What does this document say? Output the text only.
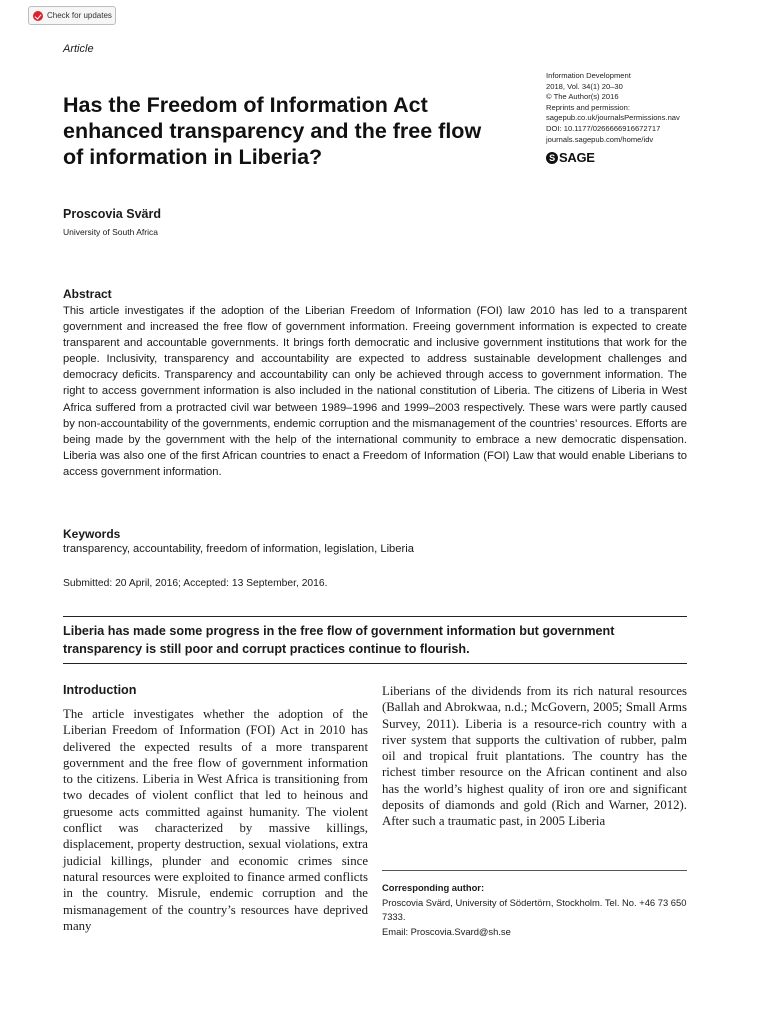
Check for updates
Article
Has the Freedom of Information Act enhanced transparency and the free flow of information in Liberia?
Information Development
2018, Vol. 34(1) 20–30
© The Author(s) 2016
Reprints and permission:
sagepub.co.uk/journalsPermissions.nav
DOI: 10.1177/0266666916672717
journals.sagepub.com/home/idv
S SAGE
Proscovia Svärd
University of South Africa
Abstract
This article investigates if the adoption of the Liberian Freedom of Information (FOI) law 2010 has led to a transparent government and increased the free flow of government information. Freeing government information is expected to create transparent and accountable governments. It brings forth democratic and inclusive government institutions that work for the people. Inclusivity, transparency and accountability are expected to address sustainable development challenges and democracy deficits. Transparency and accountability can only be achieved through access to government information. The right to access government information is also included in the national constitution of Liberia. The citizens of Liberia in West Africa suffered from a protracted civil war between 1989–1996 and 1999–2003 respectively. These wars were partly caused by non-accountability of the governments, endemic corruption and the mismanagement of the countries’ resources. Efforts are being made by the government with the help of the international community to embrace a new democratic dispensation. Liberia was also one of the first African countries to enact a Freedom of Information (FOI) Law that would enable Liberians to access government information.
Keywords
transparency, accountability, freedom of information, legislation, Liberia
Submitted: 20 April, 2016; Accepted: 13 September, 2016.
Liberia has made some progress in the free flow of government information but government transparency is still poor and corrupt practices continue to flourish.
Introduction
The article investigates whether the adoption of the Liberian Freedom of Information (FOI) Act in 2010 has delivered the expected results of a more transparent government and the free flow of government information to the citizens. Liberia in West Africa is transitioning from two decades of violent conflict that led to heinous and gruesome acts committed against humanity. The violent conflict was characterized by massive killings, displacement, property destruction, sexual violations, extra judicial killings, plunder and economic crimes since natural resources were exploited to finance armed conflicts in the country. Misrule, endemic corruption and the mismanagement of the country’s resources have deprived many
Liberians of the dividends from its rich natural resources (Ballah and Abrokwaa, n.d.; McGovern, 2005; Small Arms Survey, 2011). Liberia is a resource-rich country with a river system that supports the cultivation of rubber, palm oil and tropical fruit plantations. The country has the richest timber resource on the African continent and also has the world’s highest quality of iron ore and significant deposits of diamonds and gold (Rich and Warner, 2012). After such a traumatic past, in 2005 Liberia
Corresponding author:
Proscovia Svärd, University of Södertörn, Stockholm. Tel. No. +46 73 650 7333.
Email: Proscovia.Svard@sh.se
